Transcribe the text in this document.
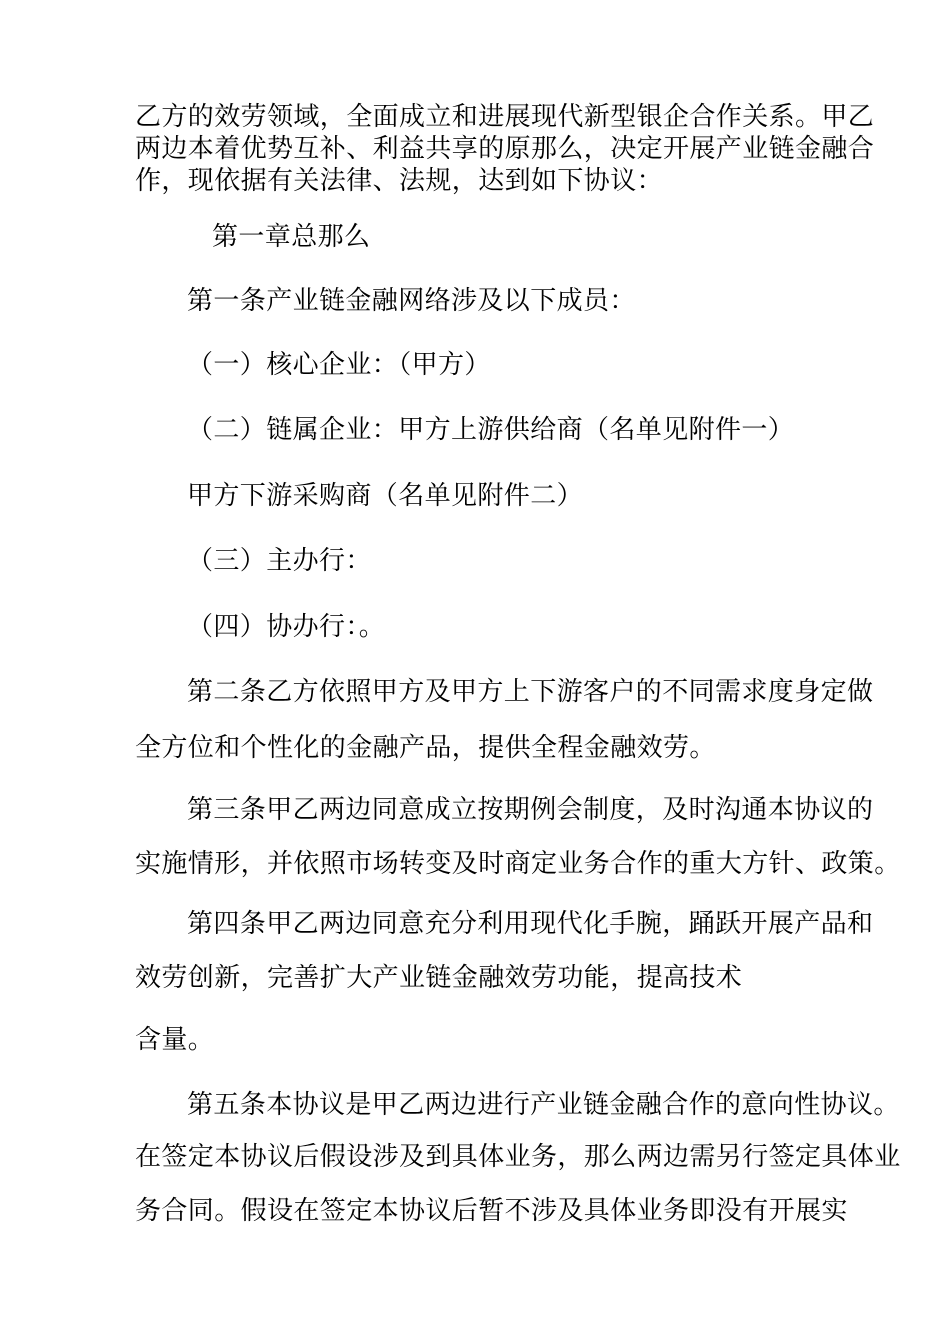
乙方的效劳领域，全面成立和进展现代新型银企合作关系。甲乙
两边本着优势互补、利益共享的原那么，决定开展产业链金融合
作，现依据有关法律、法规，达到如下协议：
第一章总那么
第一条产业链金融网络涉及以下成员：
（一）核心企业：（甲方）
（二）链属企业：甲方上游供给商（名单见附件一）
甲方下游采购商（名单见附件二）
（三）主办行：
（四）协办行：。
第二条乙方依照甲方及甲方上下游客户的不同需求度身定做
全方位和个性化的金融产品，提供全程金融效劳。
第三条甲乙两边同意成立按期例会制度，及时沟通本协议的
实施情形，并依照市场转变及时商定业务合作的重大方针、政策。
第四条甲乙两边同意充分利用现代化手腕，踊跃开展产品和
效劳创新，完善扩大产业链金融效劳功能，提高技术
含量。
第五条本协议是甲乙两边进行产业链金融合作的意向性协议。
在签定本协议后假设涉及到具体业务，那么两边需另行签定具体业
务合同。假设在签定本协议后暂不涉及具体业务即没有开展实
